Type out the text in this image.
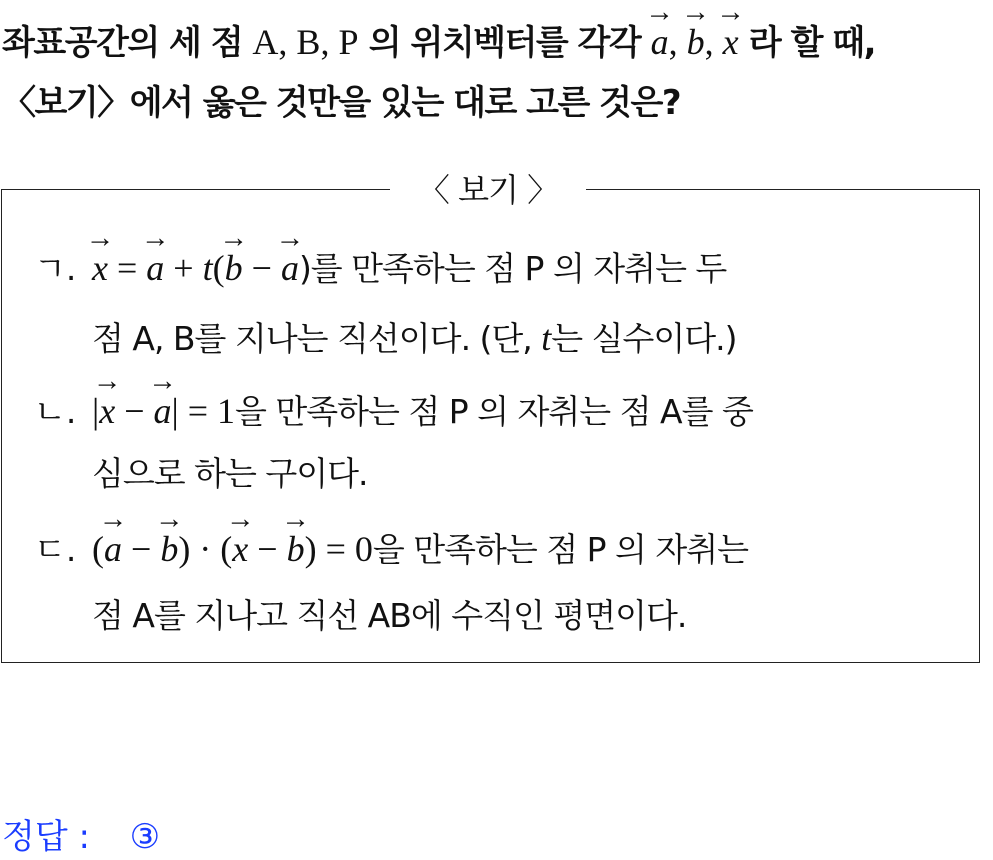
좌표공간의 세 점 A, B, P 의 위치벡터를 각각 → a, → b, → x 라 할 때,
〈보기〉에서 옳은 것만을 있는 대로 고른 것은?
〈 보기 〉
ㄱ.
→ x = → a + t(→ b − → a)를 만족하는 점 P 의 자취는 두
점 A, B를 지나는 직선이다. (단, t는 실수이다.)
ㄴ. |→ x − → a| = 1을 만족하는 점 P 의 자취는 점 A를 중
심으로 하는 구이다.
ㄷ. (→ a − → b) · (→ x − → b) = 0을 만족하는 점 P 의 자취는
점 A를 지나고 직선 AB에 수직인 평면이다.
정답 : ③
